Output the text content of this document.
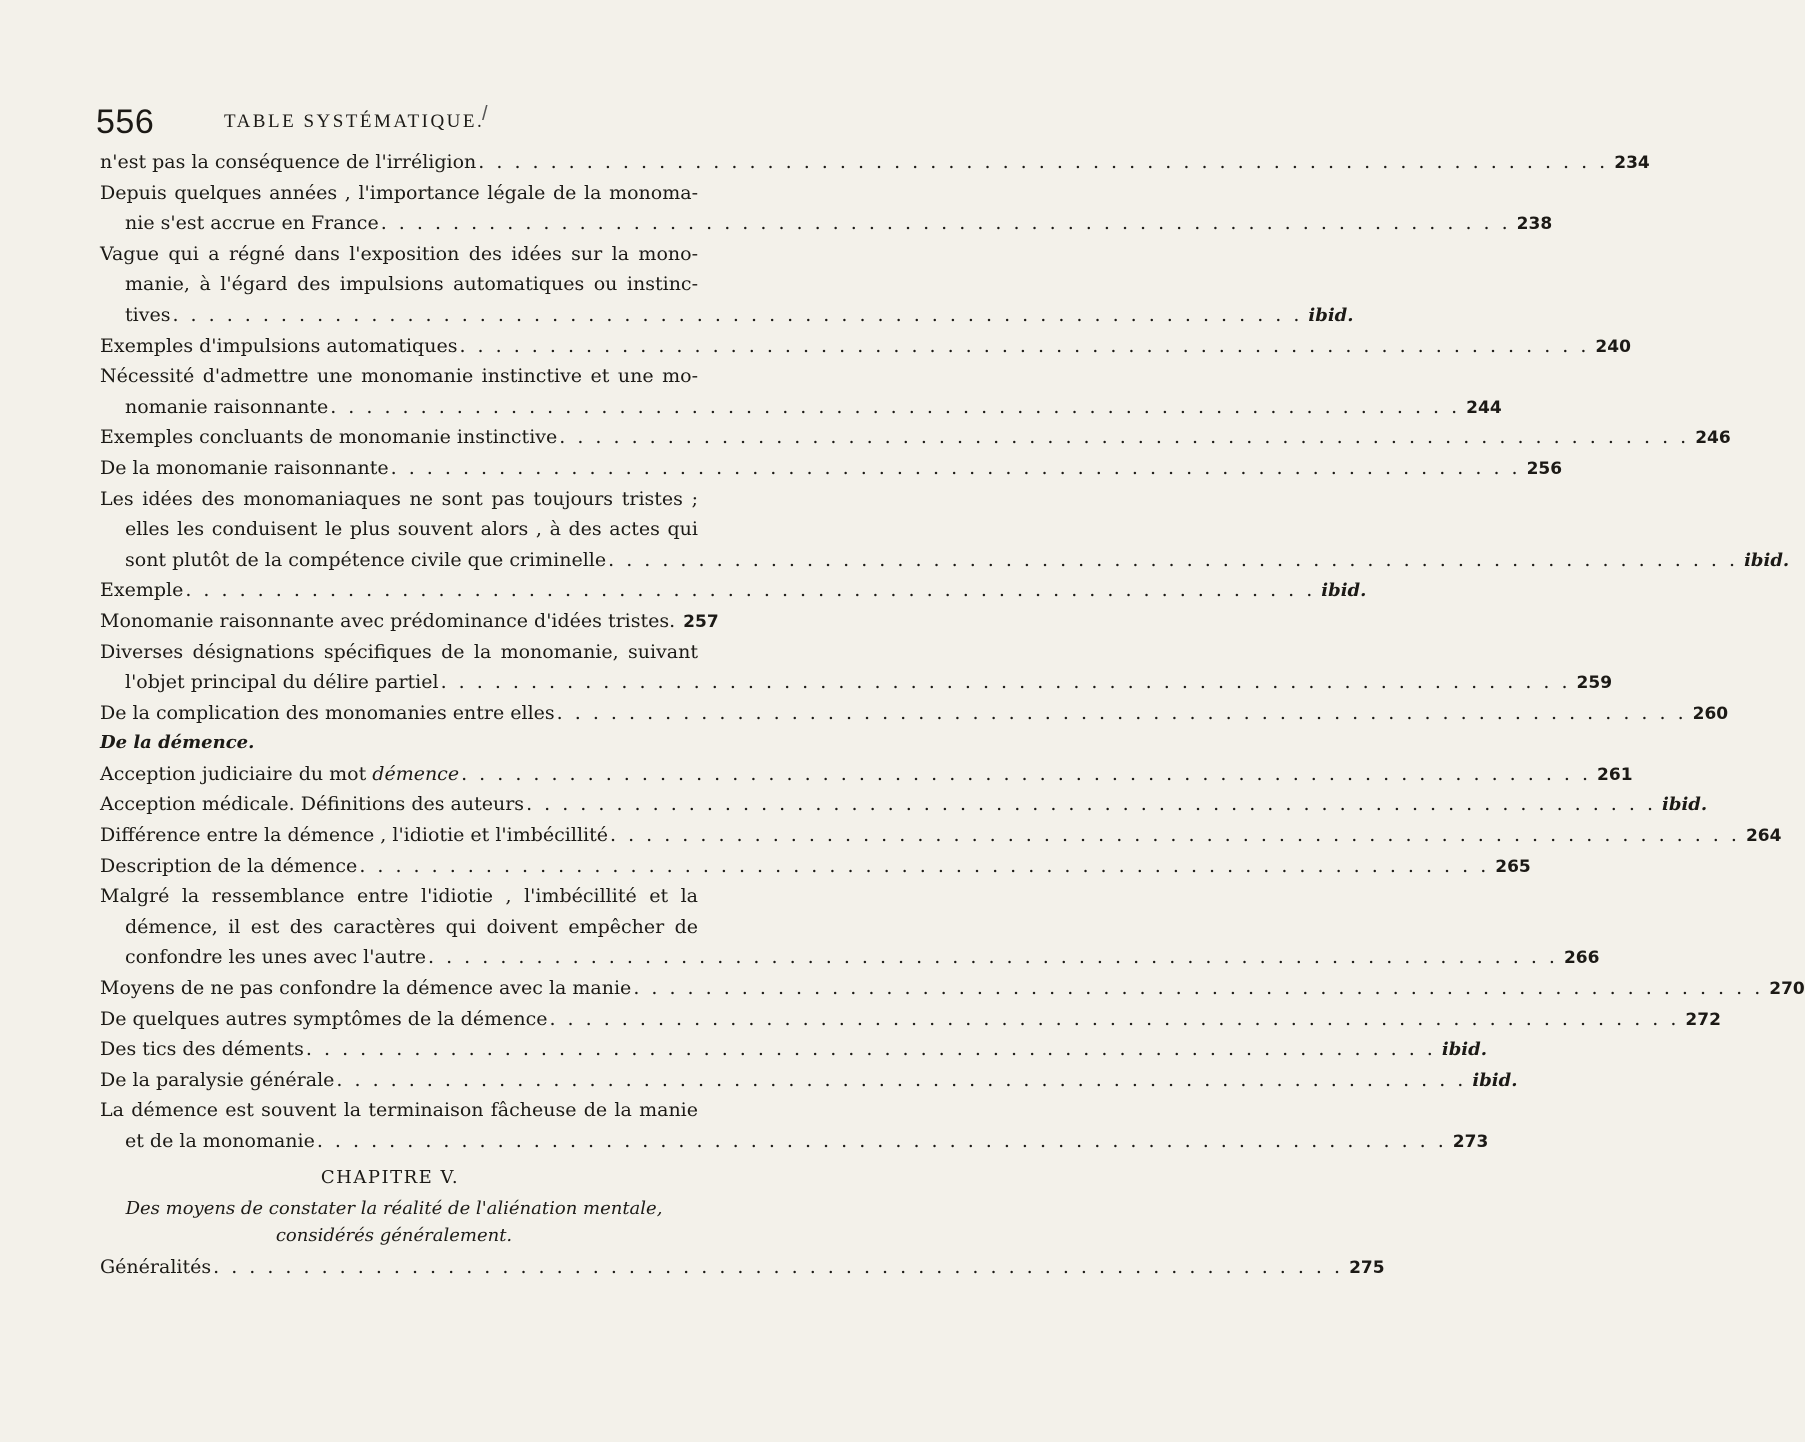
/
556	TABLE SYSTÉMATIQUE.
n'est pas la conséquence de l'irréligion . . .	234
Depuis quelques années , l'importance légale de la monoma-
nie s'est accrue en France . . .	238
Vague qui a régné dans l'exposition des idées sur la mono-
manie, à l'égard des impulsions automatiques ou instinc-
tives . . .	ibid.
Exemples d'impulsions automatiques . . .	240
Nécessité d'admettre une monomanie instinctive et une mo-
nomanie raisonnante . . .	244
Exemples concluants de monomanie instinctive . . .	246
De la monomanie raisonnante . . .	256
Les idées des monomaniaques ne sont pas toujours tristes ;
elles les conduisent le plus souvent alors , à des actes qui
sont plutôt de la compétence civile que criminelle . . .	ibid.
Exemple . . .	ibid.
Monomanie raisonnante avec prédominance d'idées tristes. . . . 257
Diverses désignations spécifiques de la monomanie, suivant
l'objet principal du délire partiel . . .	259
De la complication des monomanies entre elles . . .	260
De la démence.
Acception judiciaire du mot démence . . .	261
Acception médicale. Définitions des auteurs . . .	ibid.
Différence entre la démence , l'idiotie et l'imbécillité . . .	264
Description de la démence . . .	265
Malgré la ressemblance entre l'idiotie , l'imbécillité et la
démence, il est des caractères qui doivent empêcher de
confondre les unes avec l'autre . . .	266
Moyens de ne pas confondre la démence avec la manie . . .	270
De quelques autres symptômes de la démence . . .	272
Des tics des déments . . .	ibid.
De la paralysie générale . . .	ibid.
La démence est souvent la terminaison fâcheuse de la manie
et de la monomanie . . .	273
CHAPITRE V.
Des moyens de constater la réalité de l'aliénation mentale,
considérés généralement.
Généralités . . .	275
